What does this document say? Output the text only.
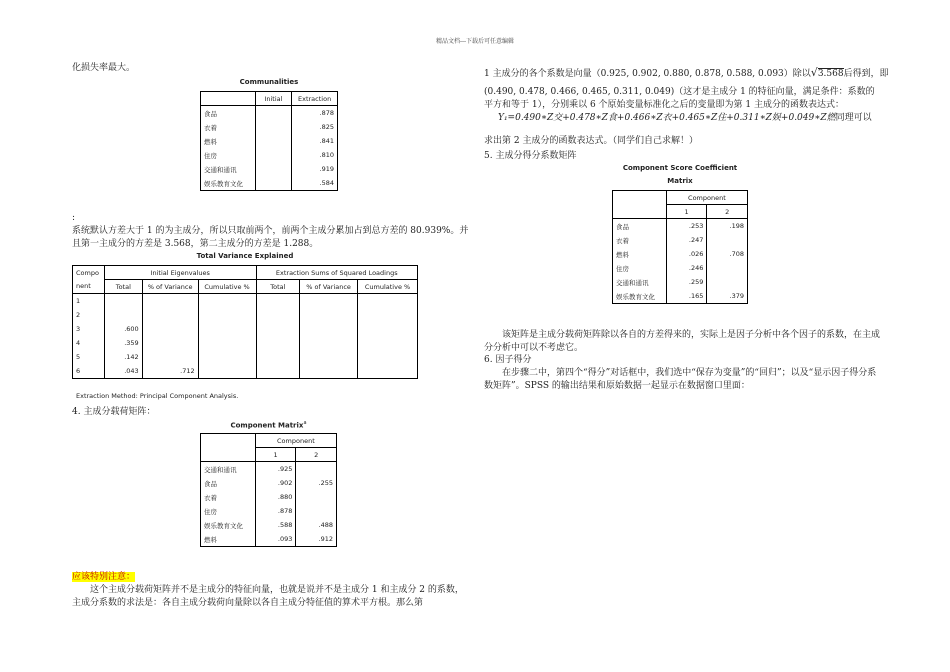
精品文档---下载后可任意编辑
化损失率最大。
Communalities
	Initial	Extraction
食品		.878
衣着		.825
燃料		.841
住房		.810
交通和通讯		.919
娱乐教育文化		.584
:
系统默认方差大于 1 的为主成分，所以只取前两个，前两个主成分累加占到总方差的 80.939%。并且第一主成分的方差是 3.568，第二主成分的方差是 1.288。
Total Variance Explained
Compo	Initial Eigenvalues			Extraction Sums of Squared Loadings		
nent	Total	% of Variance	Cumulative %	Total	% of Variance	Cumulative %
1						
2						
3	.600					
4	.359					
5	.142					
6	.043	.712				
Extraction Method: Principal Component Analysis.
4. 主成分载荷矩阵：
Component Matrix$^a$
	Component	
	1	2
交通和通讯	.925	
食品	.902	.255
衣着	.880	
住房	.878	
娱乐教育文化	.588	.488
燃料	.093	.912
应该特别注意：
这个主成分载荷矩阵并不是主成分的特征向量，也就是说并不是主成分 1 和主成分 2 的系数，主成分系数的求法是：各自主成分载荷向量除以各自主成分特征值的算术平方根。那么第
1 主成分的各个系数是向量（0.925, 0.902, 0.880, 0.878, 0.588, 0.093）除以√3.568后得到，即
(0.490, 0.478, 0.466, 0.465, 0.311, 0.049)（这才是主成分 1 的特征向量，满足条件：系数的平方和等于 1），分别乘以 6 个原始变量标准化之后的变量即为第 1 主成分的函数表达式：
Y₁=0.490∗Z交+0.478∗Z食+0.466∗Z衣+0.465∗Z住+0.311∗Z娱+0.049∗Z燃同理可以
求出第 2 主成分的函数表达式。（同学们自己求解！）
5. 主成分得分系数矩阵
Component Score Coefficient
Matrix
	Component	
	1	2
食品	.253	.198
衣着	.247	
燃料	.026	.708
住房	.246	
交通和通讯	.259	
娱乐教育文化	.165	.379
该矩阵是主成分载荷矩阵除以各自的方差得来的，实际上是因子分析中各个因子的系数，在主成分分析中可以不考虑它。
6. 因子得分
在步骤二中，第四个“得分”对话框中，我们选中“保存为变量”的“回归”；以及“显示因子得分系数矩阵”。SPSS 的输出结果和原始数据一起显示在数据窗口里面：
